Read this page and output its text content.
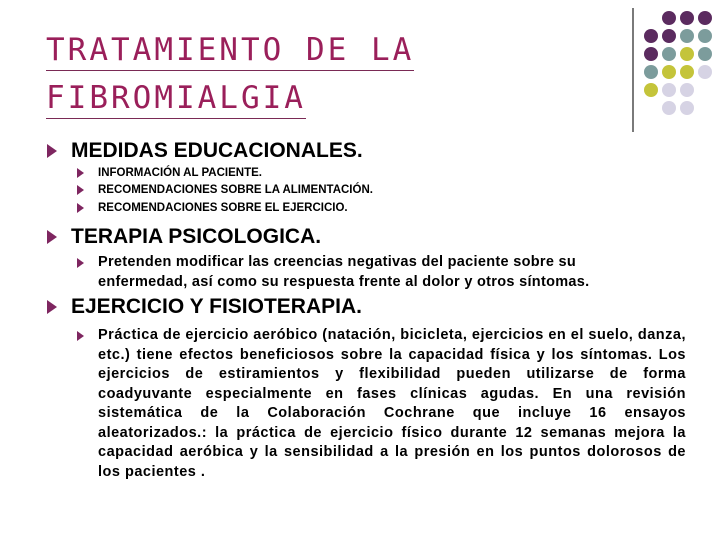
TRATAMIENTO DE LA
FIBROMIALGIA
MEDIDAS EDUCACIONALES.
INFORMACIÓN AL PACIENTE.
RECOMENDACIONES SOBRE LA ALIMENTACIÓN.
RECOMENDACIONES SOBRE EL EJERCICIO.
TERAPIA PSICOLOGICA.
Pretenden modificar las creencias negativas del paciente sobre su enfermedad, así como su respuesta frente al dolor y otros síntomas.
EJERCICIO Y FISIOTERAPIA.
Práctica de ejercicio aeróbico (natación, bicicleta, ejercicios en el suelo, danza, etc.) tiene efectos beneficiosos sobre la capacidad física y los síntomas. Los ejercicios de estiramientos y flexibilidad pueden utilizarse de forma coadyuvante especialmente en fases clínicas agudas. En una revisión sistemática de la Colaboración Cochrane que incluye 16 ensayos aleatorizados.: la práctica de ejercicio físico durante 12 semanas mejora la capacidad aeróbica y la sensibilidad a la presión en los puntos dolorosos de los pacientes .
